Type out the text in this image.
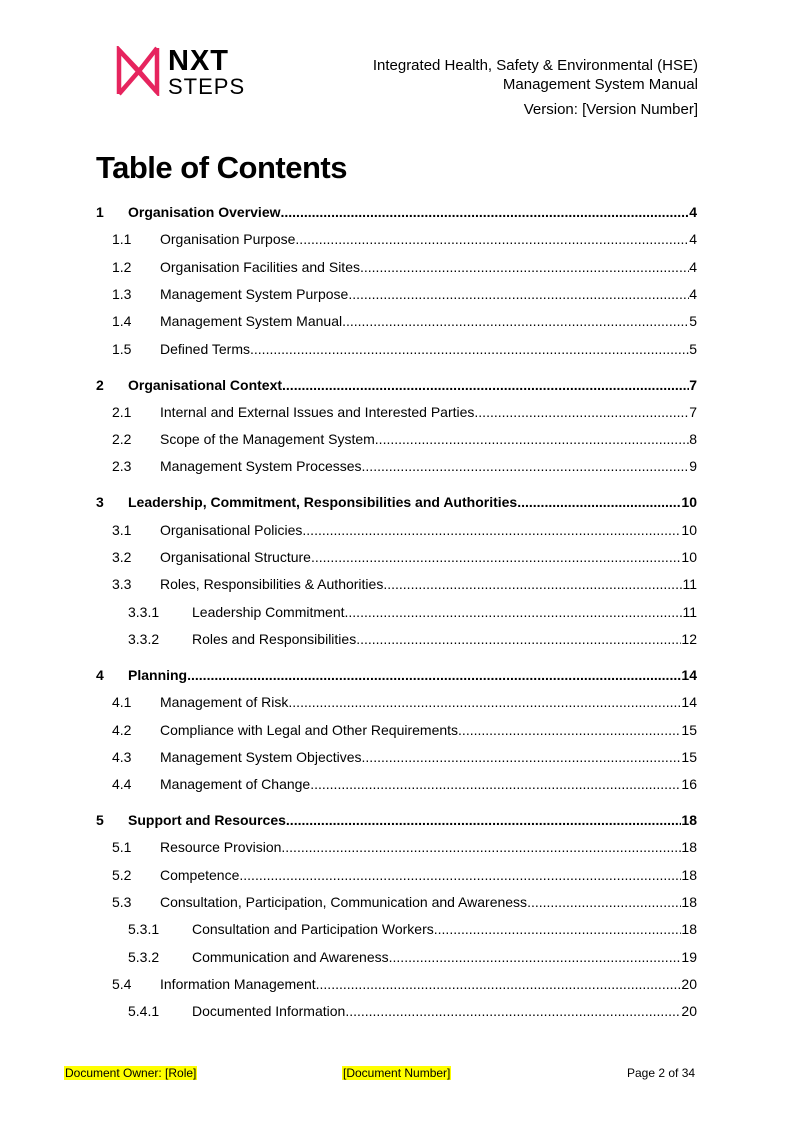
NXT
STEPS
Integrated Health, Safety & Environmental (HSE)
Management System Manual
Version: [Version Number]
Table of Contents
1 Organisation Overview .....	4
1.1 Organisation Purpose .....	4
1.2 Organisation Facilities and Sites .....	4
1.3 Management System Purpose .....	4
1.4 Management System Manual .....	5
1.5 Defined Terms .....	5
2 Organisational Context .....	7
2.1 Internal and External Issues and Interested Parties .....	7
2.2 Scope of the Management System .....	8
2.3 Management System Processes .....	9
3 Leadership, Commitment, Responsibilities and Authorities .....	10
3.1 Organisational Policies .....	10
3.2 Organisational Structure .....	10
3.3 Roles, Responsibilities & Authorities .....	11
3.3.1 Leadership Commitment .....	11
3.3.2 Roles and Responsibilities .....	12
4 Planning .....	14
4.1 Management of Risk .....	14
4.2 Compliance with Legal and Other Requirements .....	15
4.3 Management System Objectives .....	15
4.4 Management of Change .....	16
5 Support and Resources .....	18
5.1 Resource Provision .....	18
5.2 Competence .....	18
5.3 Consultation, Participation, Communication and Awareness .....	18
5.3.1 Consultation and Participation Workers .....	18
5.3.2 Communication and Awareness .....	19
5.4 Information Management .....	20
5.4.1 Documented Information .....	20
Document Owner: [Role]	[Document Number]	Page 2 of 34
